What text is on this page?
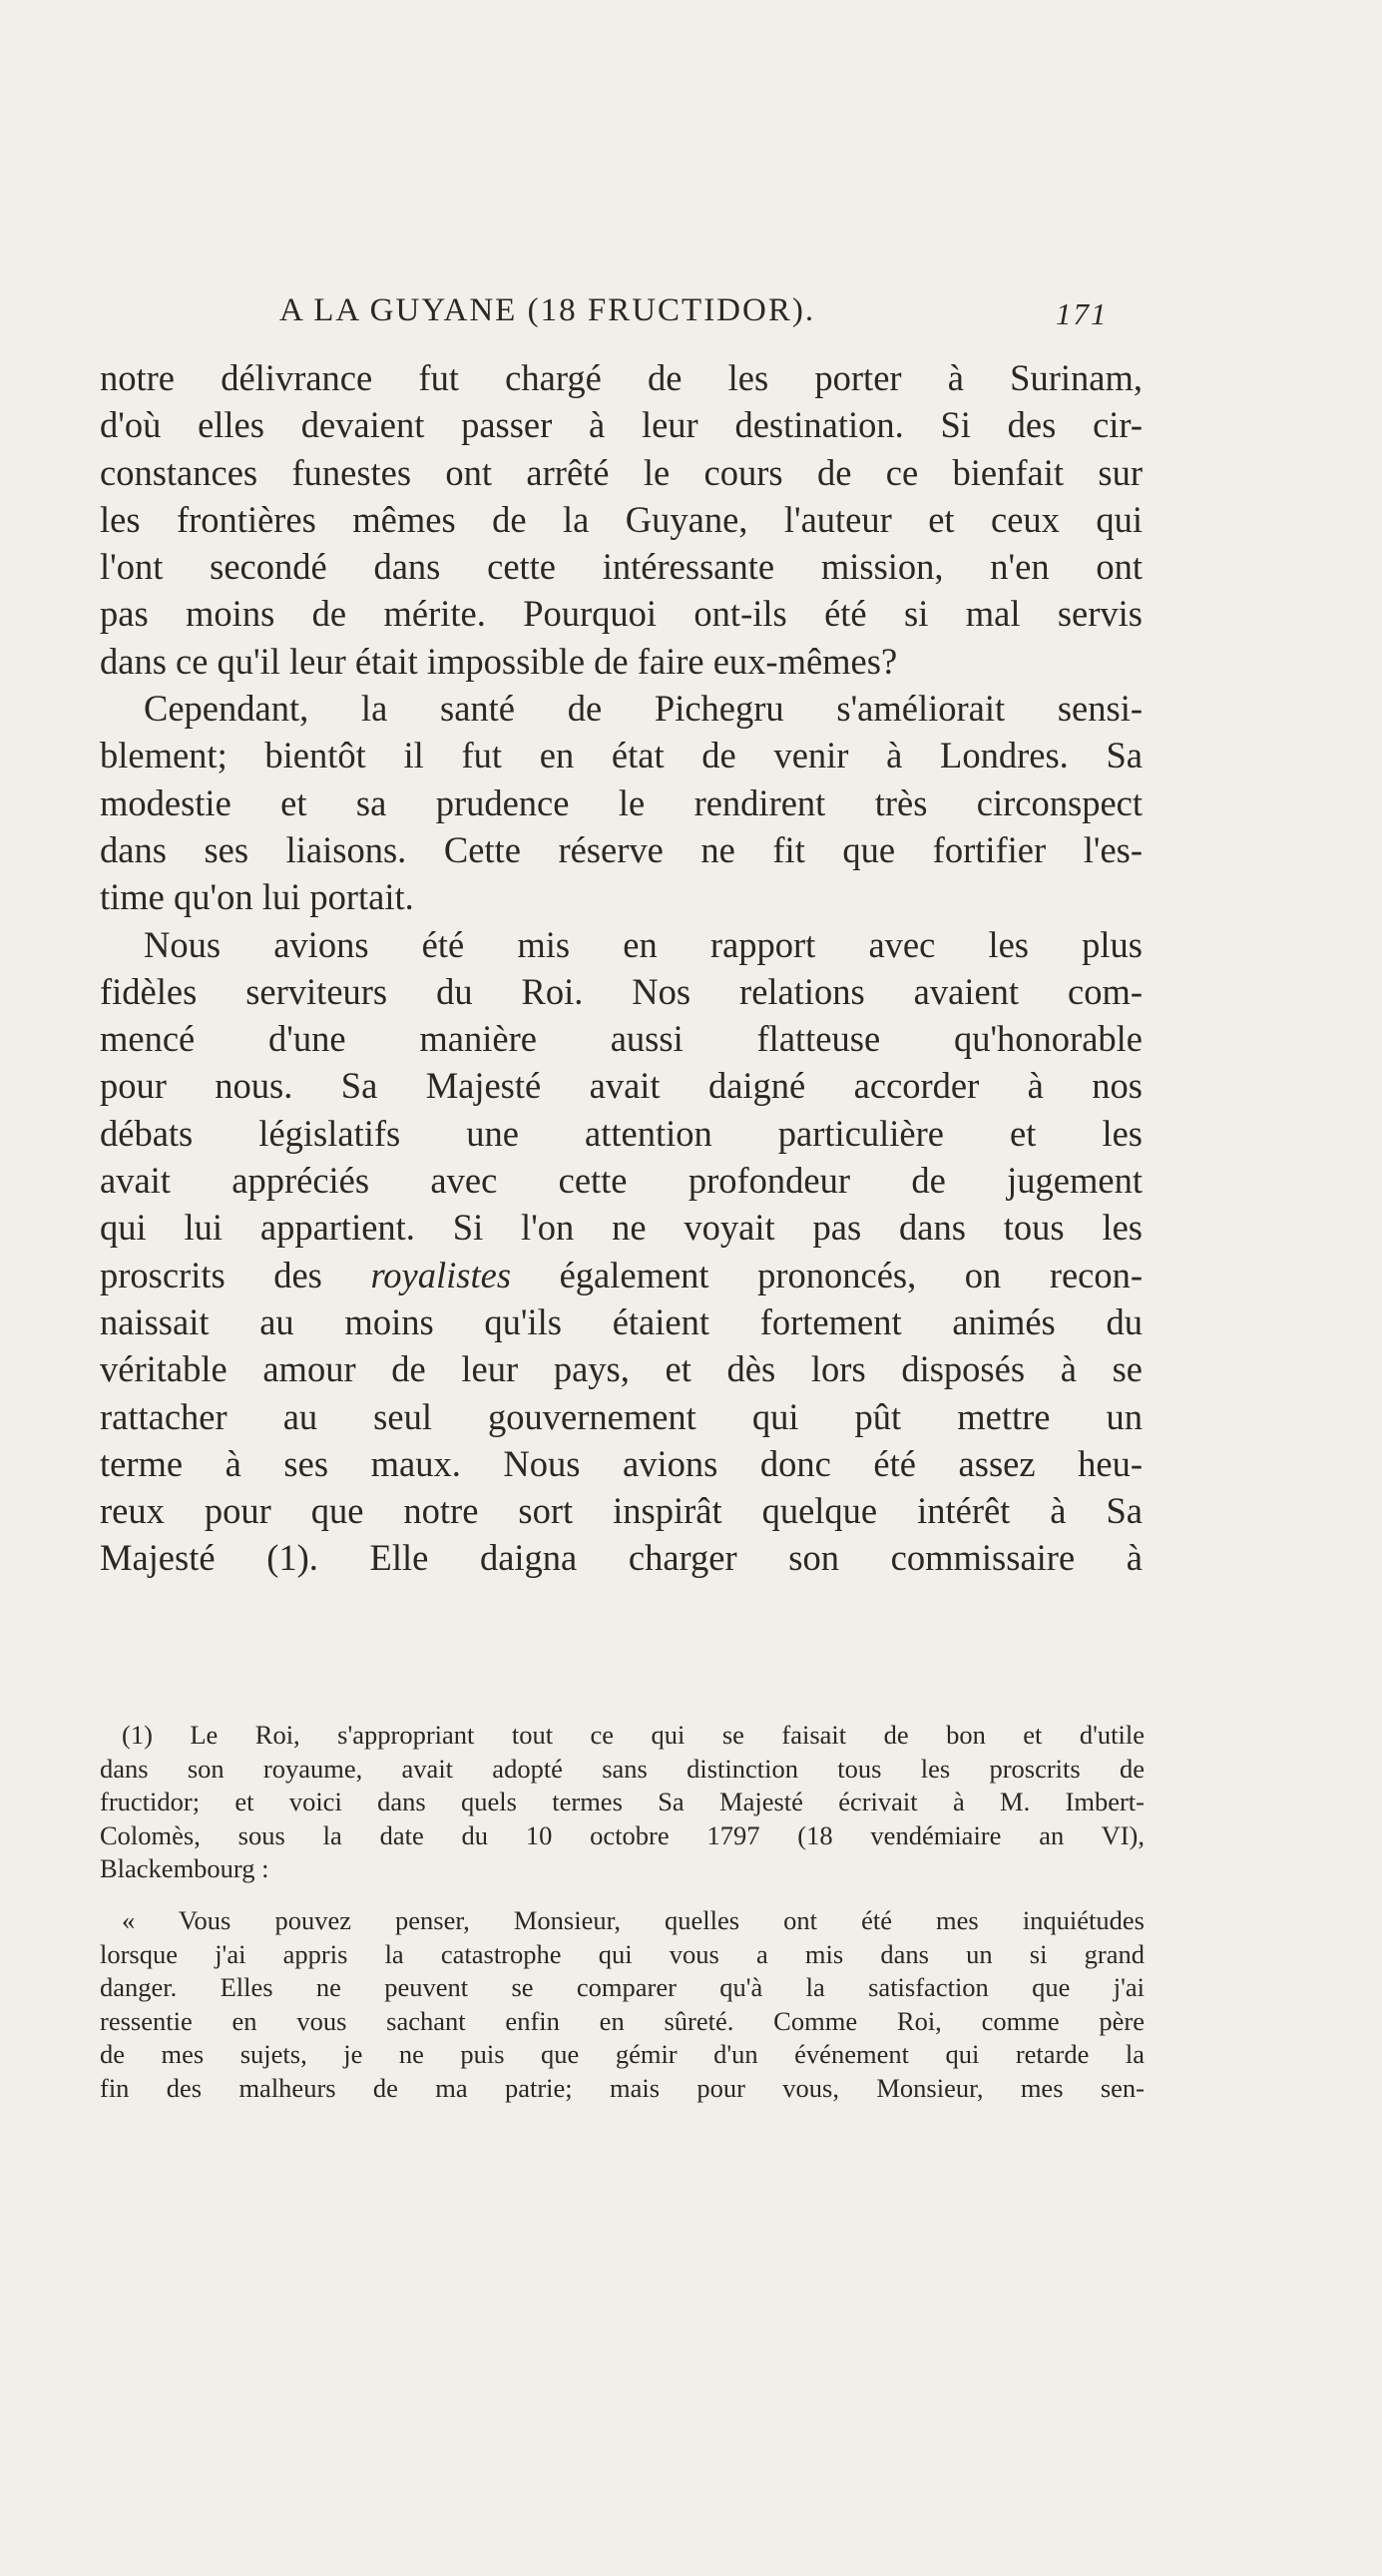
A LA GUYANE (18 FRUCTIDOR).	171
notre délivrance fut chargé de les porter à Surinam,
d'où elles devaient passer à leur destination. Si des cir-
constances funestes ont arrêté le cours de ce bienfait sur
les frontières mêmes de la Guyane, l'auteur et ceux qui
l'ont secondé dans cette intéressante mission, n'en ont
pas moins de mérite. Pourquoi ont-ils été si mal servis
dans ce qu'il leur était impossible de faire eux-mêmes?
Cependant, la santé de Pichegru s'améliorait sensi-
blement; bientôt il fut en état de venir à Londres. Sa
modestie et sa prudence le rendirent très circonspect
dans ses liaisons. Cette réserve ne fit que fortifier l'es-
time qu'on lui portait.
Nous avions été mis en rapport avec les plus
fidèles serviteurs du Roi. Nos relations avaient com-
mencé d'une manière aussi flatteuse qu'honorable
pour nous. Sa Majesté avait daigné accorder à nos
débats législatifs une attention particulière et les
avait appréciés avec cette profondeur de jugement
qui lui appartient. Si l'on ne voyait pas dans tous les
proscrits des royalistes également prononcés, on recon-
naissait au moins qu'ils étaient fortement animés du
véritable amour de leur pays, et dès lors disposés à se
rattacher au seul gouvernement qui pût mettre un
terme à ses maux. Nous avions donc été assez heu-
reux pour que notre sort inspirât quelque intérêt à Sa
Majesté (1). Elle daigna charger son commissaire à
(1) Le Roi, s'appropriant tout ce qui se faisait de bon et d'utile
dans son royaume, avait adopté sans distinction tous les proscrits de
fructidor; et voici dans quels termes Sa Majesté écrivait à M. Imbert-
Colomès, sous la date du 10 octobre 1797 (18 vendémiaire an VI),
Blackembourg :
« Vous pouvez penser, Monsieur, quelles ont été mes inquiétudes
lorsque j'ai appris la catastrophe qui vous a mis dans un si grand
danger. Elles ne peuvent se comparer qu'à la satisfaction que j'ai
ressentie en vous sachant enfin en sûreté. Comme Roi, comme père
de mes sujets, je ne puis que gémir d'un événement qui retarde la
fin des malheurs de ma patrie; mais pour vous, Monsieur, mes sen-
